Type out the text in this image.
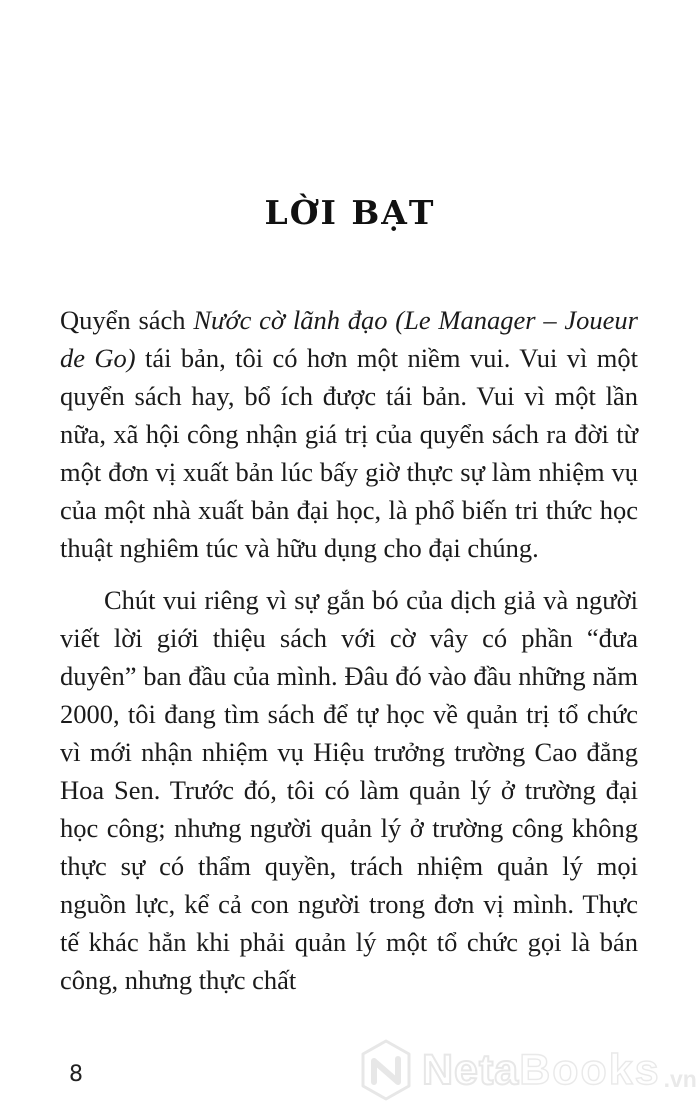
LỜI BẠT

Quyển sách Nước cờ lãnh đạo (Le Manager – Joueur de Go) tái bản, tôi có hơn một niềm vui. Vui vì một quyển sách hay, bổ ích được tái bản. Vui vì một lần nữa, xã hội công nhận giá trị của quyển sách ra đời từ một đơn vị xuất bản lúc bấy giờ thực sự làm nhiệm vụ của một nhà xuất bản đại học, là phổ biến tri thức học thuật nghiêm túc và hữu dụng cho đại chúng.

Chút vui riêng vì sự gắn bó của dịch giả và người viết lời giới thiệu sách với cờ vây có phần “đưa duyên” ban đầu của mình. Đâu đó vào đầu những năm 2000, tôi đang tìm sách để tự học về quản trị tổ chức vì mới nhận nhiệm vụ Hiệu trưởng trường Cao đẳng Hoa Sen. Trước đó, tôi có làm quản lý ở trường đại học công; nhưng người quản lý ở trường công không thực sự có thẩm quyền, trách nhiệm quản lý mọi nguồn lực, kể cả con người trong đơn vị mình. Thực tế khác hẳn khi phải quản lý một tổ chức gọi là bán công, nhưng thực chất

8	Neta Books .vn
